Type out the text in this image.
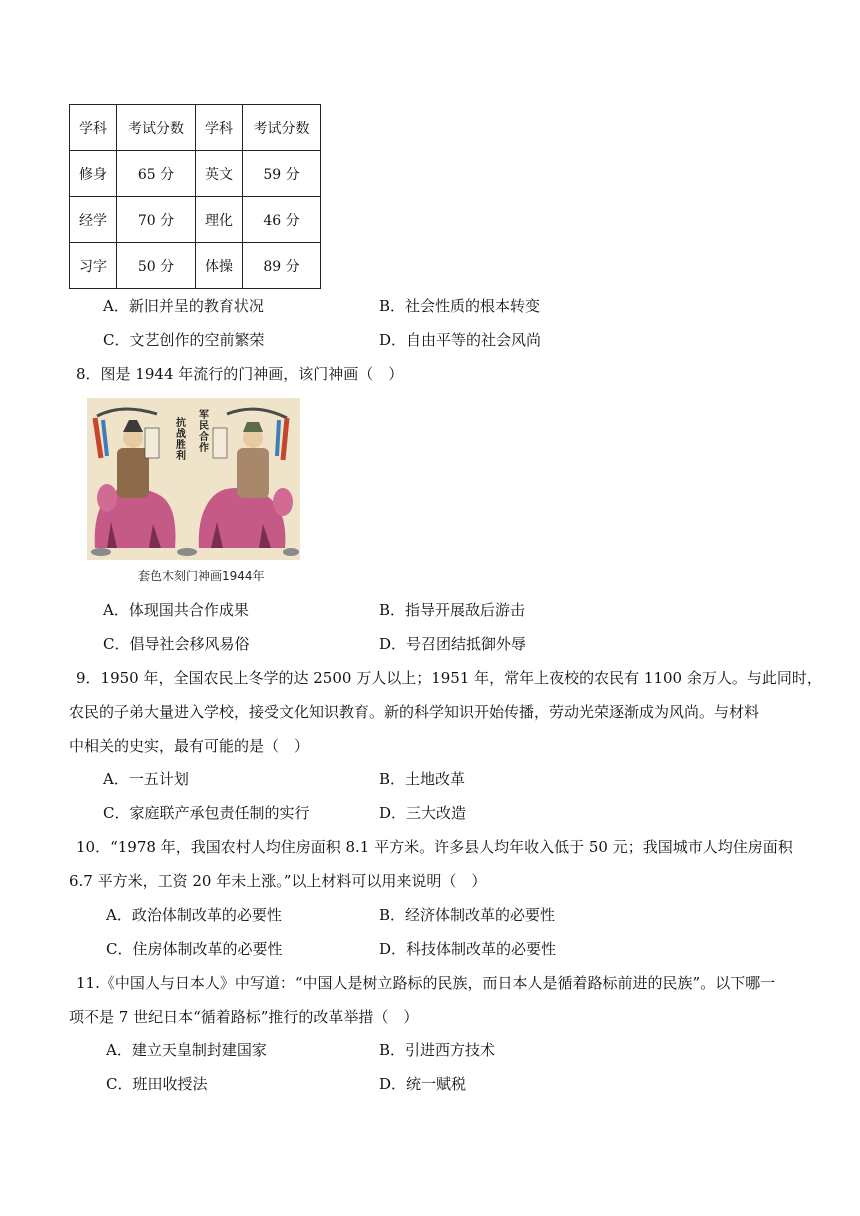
学科	考试分数	学科	考试分数
修身	65 分	英文	59 分
经学	70 分	理化	46 分
习字	50 分	体操	89 分
A．新旧并呈的教育状况	B．社会性质的根本转变
C．文艺创作的空前繁荣	D．自由平等的社会风尚
8．图是 1944 年流行的门神画，该门神画（　）
抗战胜利
军民合作
套色木刻门神画1944年
A．体现国共合作成果	B．指导开展敌后游击
C．倡导社会移风易俗	D．号召团结抵御外辱
9．1950 年，全国农民上冬学的达 2500 万人以上；1951 年，常年上夜校的农民有 1100 余万人。与此同时，
农民的子弟大量进入学校，接受文化知识教育。新的科学知识开始传播，劳动光荣逐渐成为风尚。与材料
中相关的史实，最有可能的是（　）
A．一五计划	B．土地改革
C．家庭联产承包责任制的实行	D．三大改造
10．“1978 年，我国农村人均住房面积 8.1 平方米。许多县人均年收入低于 50 元；我国城市人均住房面积
6.7 平方米，工资 20 年未上涨。”以上材料可以用来说明（　）
A．政治体制改革的必要性	B．经济体制改革的必要性
C．住房体制改革的必要性	D．科技体制改革的必要性
11.《中国人与日本人》中写道：“中国人是树立路标的民族，而日本人是循着路标前进的民族”。以下哪一
项不是 7 世纪日本“循着路标”推行的改革举措（　）
A．建立天皇制封建国家	B．引进西方技术
C．班田收授法	D．统一赋税
